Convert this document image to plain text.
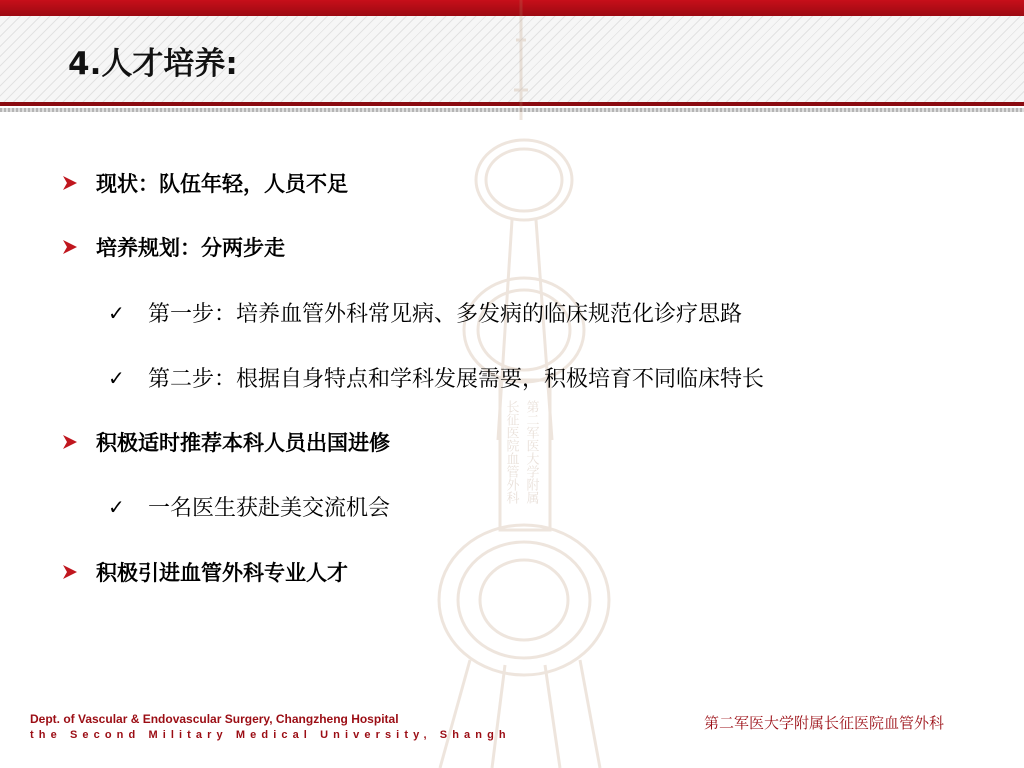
长征医院血管外科 第二军医大学附属
4.人才培养:
现状：队伍年轻，人员不足
培养规划：分两步走
✓ 第一步：培养血管外科常见病、多发病的临床规范化诊疗思路
✓ 第二步：根据自身特点和学科发展需要，积极培育不同临床特长
积极适时推荐本科人员出国进修
✓ 一名医生获赴美交流机会
积极引进血管外科专业人才
Dept. of Vascular & Endovascular Surgery, Changzheng Hospital
the Second Military Medical University, Shangh
第二军医大学附属长征医院血管外科
